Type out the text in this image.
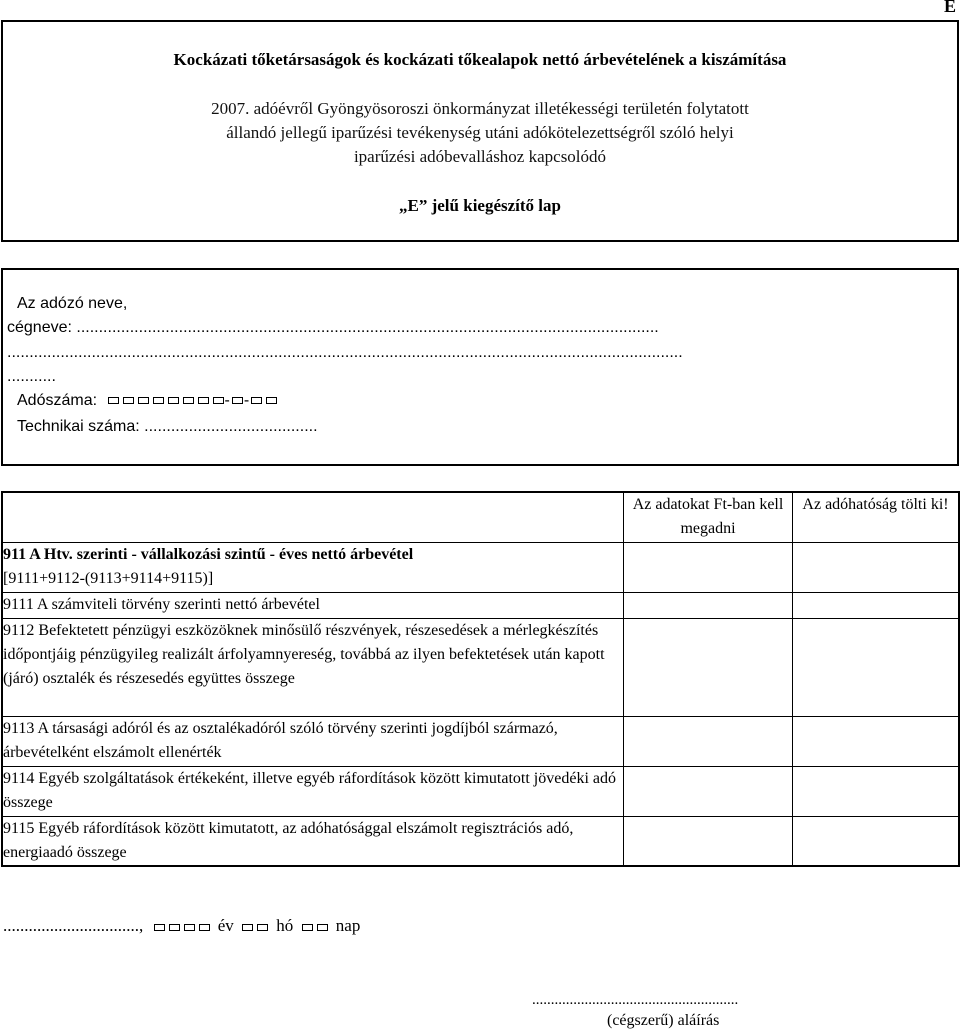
E
Kockázati tőketársaságok és kockázati tőkealapok nettó árbevételének a kiszámítása
2007. adóévről Gyöngyösoroszi önkormányzat illetékességi területén folytatott
állandó jellegű iparűzési tevékenység utáni adókötelezettségről szóló helyi
iparűzési adóbevalláshoz kapcsolódó
„E” jelű kiegészítő lap
Az adózó neve,
cégneve: ...................................................................................................................................
........................................................................................................................................................
...........
Adószáma:	- -
Technikai száma: .......................................
	Az adatokat Ft-ban kell megadni	Az adóhatóság tölti ki!
911 A Htv. szerinti - vállalkozási szintű - éves nettó árbevétel
[9111+9112-(9113+9114+9115)]		
9111 A számviteli törvény szerinti nettó árbevétel		
9112 Befektetett pénzügyi eszközöknek minősülő részvények, részesedések a mérlegkészítés időpontjáig pénzügyileg realizált árfolyamnyereség, továbbá az ilyen befektetések után kapott (járó) osztalék és részesedés együttes összege		
9113 A társasági adóról és az osztalékadóról szóló törvény szerinti jogdíjból származó, árbevételként elszámolt ellenérték		
9114 Egyéb szolgáltatások értékeként, illetve egyéb ráfordítások között kimutatott jövedéki adó összege		
9115 Egyéb ráfordítások között kimutatott, az adóhatósággal elszámolt regisztrációs adó, energiaadó összege		
................................,	év	hó	nap
.......................................................
(cégszerű) aláírás
